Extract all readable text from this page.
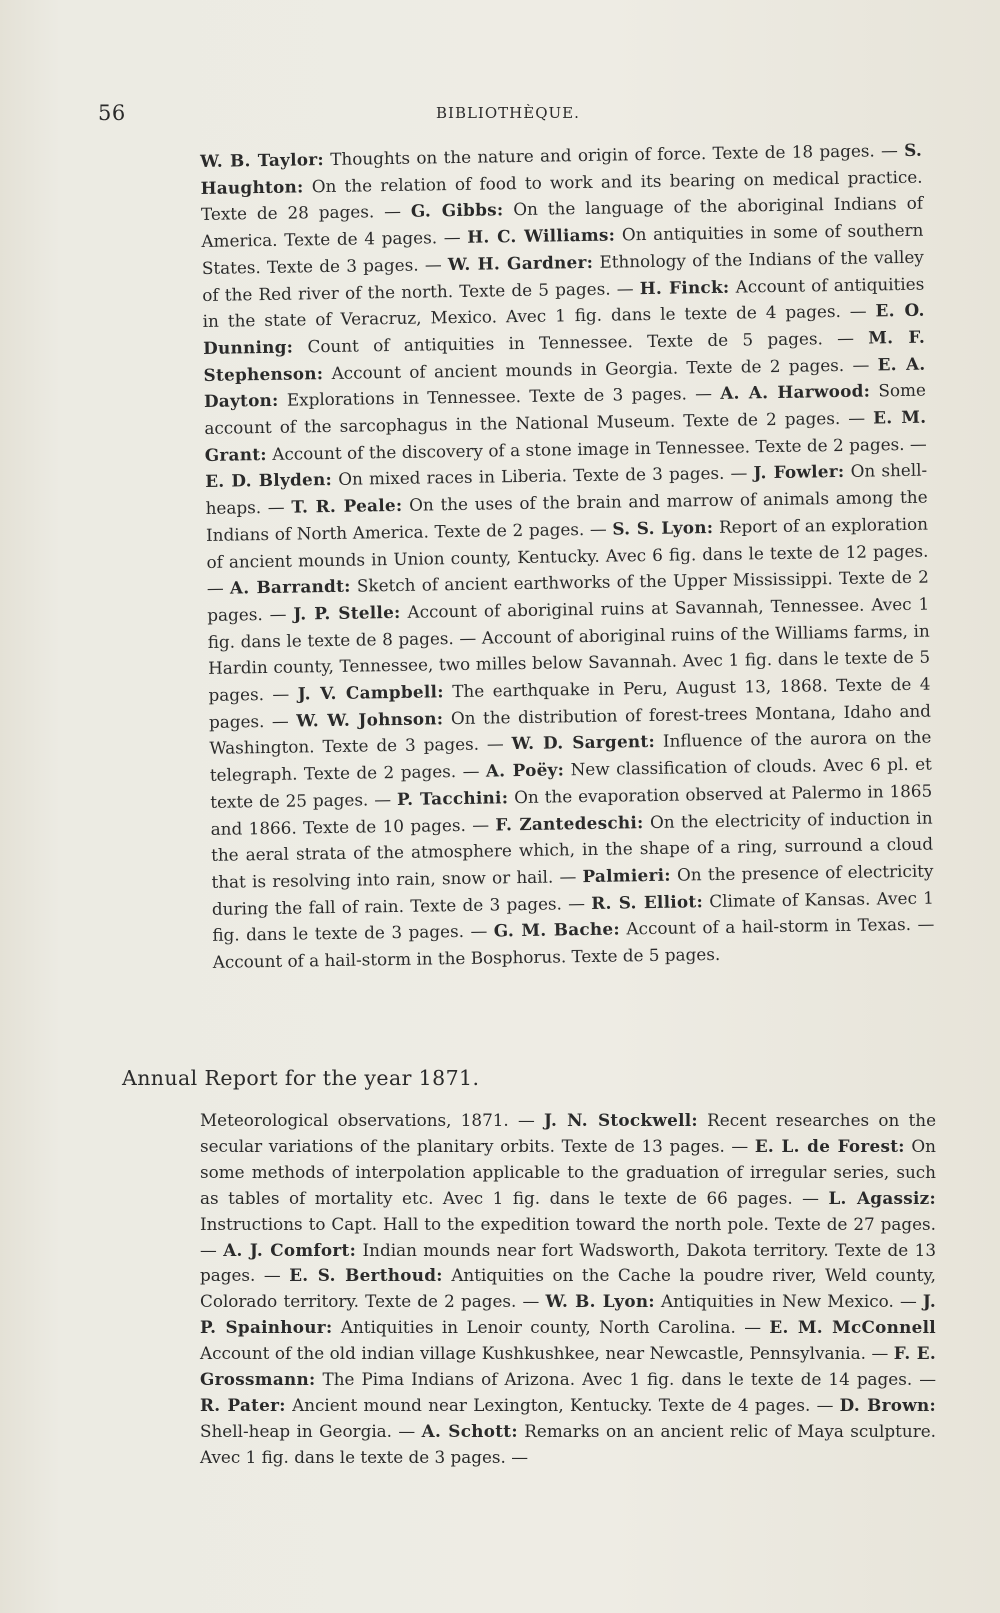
56	BIBLIOTHÈQUE.

W. B. Taylor: Thoughts on the nature and origin of force. Texte de 18 pages. — S. Haughton: On the relation of food to work and its bearing on medical practice. Texte de 28 pages. — G. Gibbs: On the language of the aboriginal Indians of America. Texte de 4 pages. — H. C. Williams: On antiquities in some of southern States. Texte de 3 pages. — W. H. Gardner: Ethnology of the Indians of the valley of the Red river of the north. Texte de 5 pages. — H. Finck: Account of antiquities in the state of Veracruz, Mexico. Avec 1 fig. dans le texte de 4 pages. — E. O. Dunning: Count of antiquities in Tennessee. Texte de 5 pages. — M. F. Stephenson: Account of ancient mounds in Georgia. Texte de 2 pages. — E. A. Dayton: Explorations in Tennessee. Texte de 3 pages. — A. A. Harwood: Some account of the sarcophagus in the National Museum. Texte de 2 pages. — E. M. Grant: Account of the discovery of a stone image in Tennessee. Texte de 2 pages. — E. D. Blyden: On mixed races in Liberia. Texte de 3 pages. — J. Fowler: On shell-heaps. — T. R. Peale: On the uses of the brain and marrow of animals among the Indians of North America. Texte de 2 pages. — S. S. Lyon: Report of an exploration of ancient mounds in Union county, Kentucky. Avec 6 fig. dans le texte de 12 pages. — A. Barrandt: Sketch of ancient earthworks of the Upper Mississippi. Texte de 2 pages. — J. P. Stelle: Account of aboriginal ruins at Savannah, Tennessee. Avec 1 fig. dans le texte de 8 pages. — Account of aboriginal ruins of the Williams farms, in Hardin county, Tennessee, two milles below Savannah. Avec 1 fig. dans le texte de 5 pages. — J. V. Campbell: The earthquake in Peru, August 13, 1868. Texte de 4 pages. — W. W. Johnson: On the distribution of forest-trees Montana, Idaho and Washington. Texte de 3 pages. — W. D. Sargent: Influence of the aurora on the telegraph. Texte de 2 pages. — A. Poëy: New classification of clouds. Avec 6 pl. et texte de 25 pages. — P. Tacchini: On the evaporation observed at Palermo in 1865 and 1866. Texte de 10 pages. — F. Zantedeschi: On the electricity of induction in the aeral strata of the atmosphere which, in the shape of a ring, surround a cloud that is resolving into rain, snow or hail. — Palmieri: On the presence of electricity during the fall of rain. Texte de 3 pages. — R. S. Elliot: Climate of Kansas. Avec 1 fig. dans le texte de 3 pages. — G. M. Bache: Account of a hail-storm in Texas. — Account of a hail-storm in the Bosphorus. Texte de 5 pages.

Annual Report for the year 1871.

Meteorological observations, 1871. — J. N. Stockwell: Recent researches on the secular variations of the planitary orbits. Texte de 13 pages. — E. L. de Forest: On some methods of interpolation applicable to the graduation of irregular series, such as tables of mortality etc. Avec 1 fig. dans le texte de 66 pages. — L. Agassiz: Instructions to Capt. Hall to the expedition toward the north pole. Texte de 27 pages. — A. J. Comfort: Indian mounds near fort Wadsworth, Dakota territory. Texte de 13 pages. — E. S. Berthoud: Antiquities on the Cache la poudre river, Weld county, Colorado territory. Texte de 2 pages. — W. B. Lyon: Antiquities in New Mexico. — J. P. Spainhour: Antiquities in Lenoir county, North Carolina. — E. M. McConnell Account of the old indian village Kushkushkee, near Newcastle, Pennsylvania. — F. E. Grossmann: The Pima Indians of Arizona. Avec 1 fig. dans le texte de 14 pages. — R. Pater: Ancient mound near Lexington, Kentucky. Texte de 4 pages. — D. Brown: Shell-heap in Georgia. — A. Schott: Remarks on an ancient relic of Maya sculpture. Avec 1 fig. dans le texte de 3 pages. —
